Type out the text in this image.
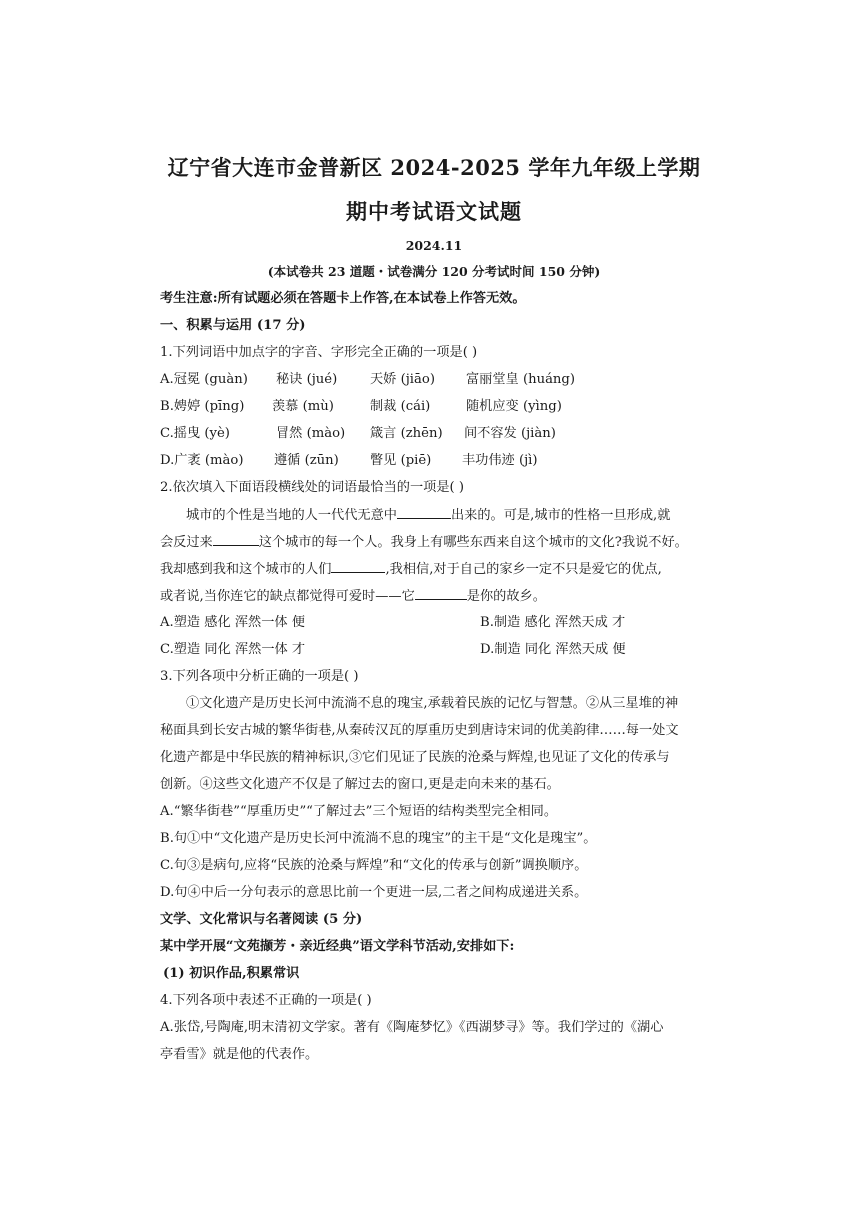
辽宁省大连市金普新区 2024-2025 学年九年级上学期
期中考试语文试题
2024.11
(本试卷共 23 道题・试卷满分 120 分考试时间 150 分钟)
考生注意:所有试题必须在答题卡上作答,在本试卷上作答无效。
一、积累与运用 (17 分)
1.下列词语中加点字的字音、字形完全正确的一项是( )
A.冠冕 (guàn) 秘诀 (jué) 天娇 (jiāo) 富丽堂皇 (huáng)
B.娉婷 (pīng) 羡慕 (mù)	制裁 (cái)	随机应变 (yìng)
C.摇曳 (yè)	冒然 (mào) 箴言 (zhēn) 间不容发 (jiàn)
D.广袤 (mào) 遵循 (zūn) 瞥见 (piē) 丰功伟迹 (jì)
2.依次填入下面语段横线处的词语最恰当的一项是( )
城市的个性是当地的人一代代无意中	出来的。可是,城市的性格一旦形成,就
会反过来	这个城市的每一个人。我身上有哪些东西来自这个城市的文化?我说不好。
我却感到我和这个城市的人们	,我相信,对于自己的家乡一定不只是爱它的优点,
或者说,当你连它的缺点都觉得可爱时——它	是你的故乡。
A.塑造 感化 浑然一体 便	B.制造 感化 浑然天成 才
C.塑造 同化 浑然一体 才	D.制造 同化 浑然天成 便
3.下列各项中分析正确的一项是( )
①文化遗产是历史长河中流淌不息的瑰宝,承载着民族的记忆与智慧。②从三星堆的神
秘面具到长安古城的繁华街巷,从秦砖汉瓦的厚重历史到唐诗宋词的优美韵律……每一处文
化遗产都是中华民族的精神标识,③它们见证了民族的沧桑与辉煌,也见证了文化的传承与
创新。④这些文化遗产不仅是了解过去的窗口,更是走向未来的基石。
A.“繁华街巷”“厚重历史”“了解过去”三个短语的结构类型完全相同。
B.句①中“文化遗产是历史长河中流淌不息的瑰宝”的主干是“文化是瑰宝”。
C.句③是病句,应将“民族的沧桑与辉煌”和“文化的传承与创新”调换顺序。
D.句④中后一分句表示的意思比前一个更进一层,二者之间构成递进关系。
文学、文化常识与名著阅读 (5 分)
某中学开展“文苑撷芳・亲近经典”语文学科节活动,安排如下:
(1) 初识作品,积累常识
4.下列各项中表述不正确的一项是( )
A.张岱,号陶庵,明末清初文学家。著有《陶庵梦忆》《西湖梦寻》等。我们学过的《湖心
亭看雪》就是他的代表作。
